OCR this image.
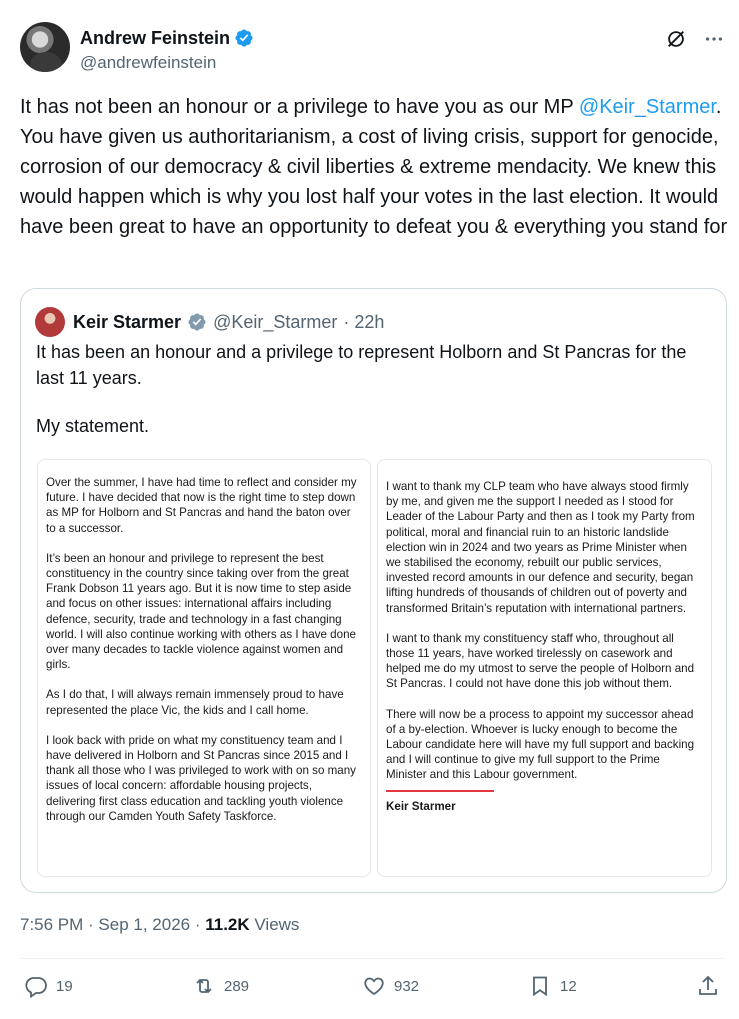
Andrew Feinstein
@andrewfeinstein
It has not been an honour or a privilege to have you as our MP @Keir_Starmer. You have given us authoritarianism, a cost of living crisis, support for genocide, corrosion of our democracy & civil liberties & extreme mendacity. We knew this would happen which is why you lost half your votes in the last election. It would have been great to have an opportunity to defeat you & everything you stand for
Keir Starmer @Keir_Starmer · 22h

It has been an honour and a privilege to represent Holborn and St Pancras for the last 11 years.

My statement.

Over the summer, I have had time to reflect and consider my future. I have decided that now is the right time to step down as MP for Holborn and St Pancras and hand the baton over to a successor.

It’s been an honour and privilege to represent the best constituency in the country since taking over from the great Frank Dobson 11 years ago. But it is now time to step aside and focus on other issues: international affairs including defence, security, trade and technology in a fast changing world. I will also continue working with others as I have done over many decades to tackle violence against women and girls.

As I do that, I will always remain immensely proud to have represented the place Vic, the kids and I call home.

I look back with pride on what my constituency team and I have delivered in Holborn and St Pancras since 2015 and I thank all those who I was privileged to work with on so many issues of local concern: affordable housing projects, delivering first class education and tackling youth violence through our Camden Youth Safety Taskforce.

I want to thank my CLP team who have always stood firmly by me, and given me the support I needed as I stood for Leader of the Labour Party and then as I took my Party from political, moral and financial ruin to an historic landslide election win in 2024 and two years as Prime Minister when we stabilised the economy, rebuilt our public services, invested record amounts in our defence and security, began lifting hundreds of thousands of children out of poverty and transformed Britain’s reputation with international partners.

I want to thank my constituency staff who, throughout all those 11 years, have worked tirelessly on casework and helped me do my utmost to serve the people of Holborn and St Pancras. I could not have done this job without them.

There will now be a process to appoint my successor ahead of a by-election. Whoever is lucky enough to become the Labour candidate here will have my full support and backing and I will continue to give my full support to the Prime Minister and this Labour government.

Keir Starmer
7:56 PM · Sep 1, 2026 · 11.2K Views
19	289	932	12
